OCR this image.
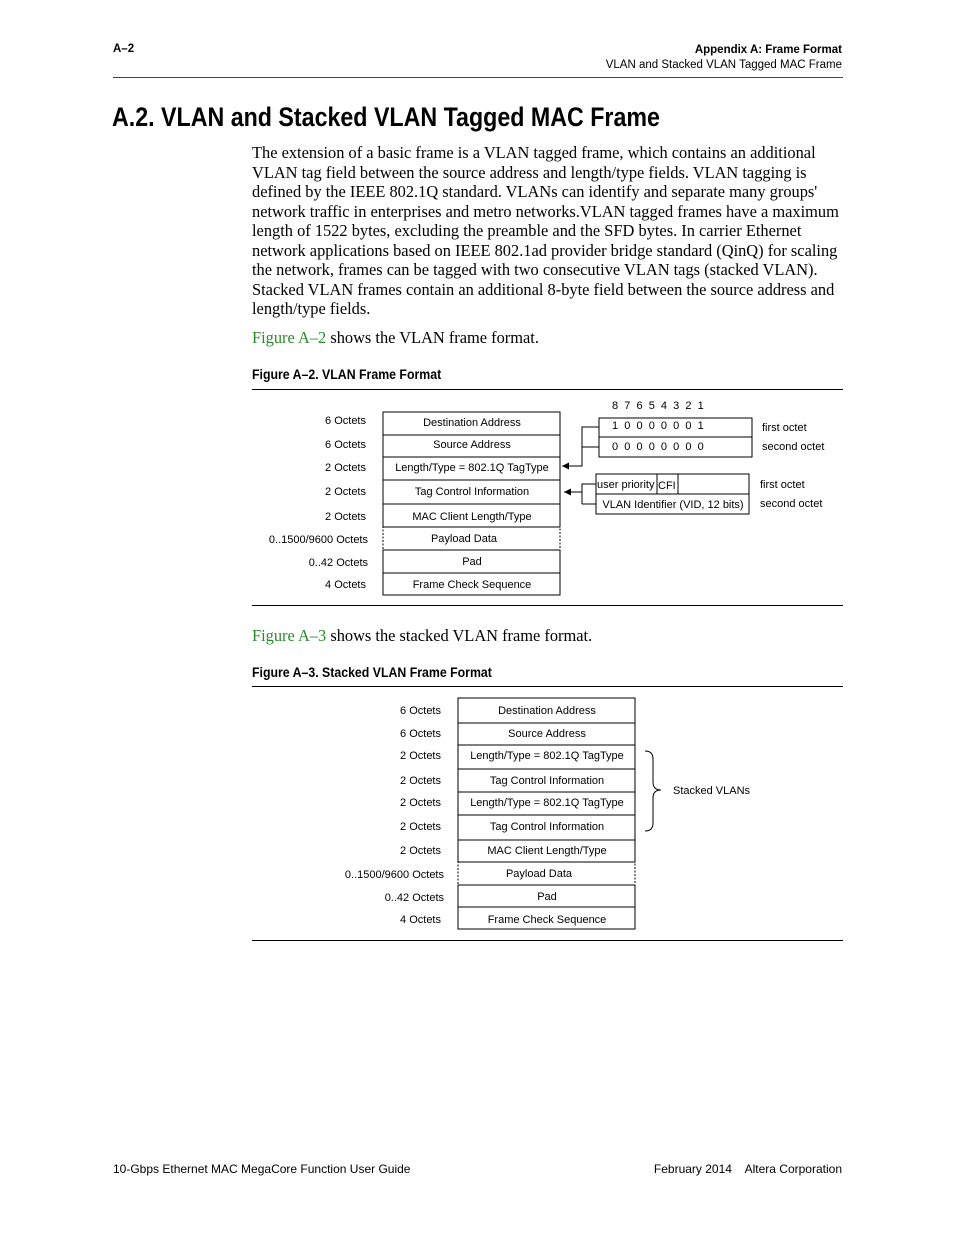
A–2	Appendix A: Frame Format
VLAN and Stacked VLAN Tagged MAC Frame
A.2. VLAN and Stacked VLAN Tagged MAC Frame
The extension of a basic frame is a VLAN tagged frame, which contains an additional VLAN tag field between the source address and length/type fields. VLAN tagging is defined by the IEEE 802.1Q standard. VLANs can identify and separate many groups' network traffic in enterprises and metro networks.VLAN tagged frames have a maximum length of 1522 bytes, excluding the preamble and the SFD bytes. In carrier Ethernet network applications based on IEEE 802.1ad provider bridge standard (QinQ) for scaling the network, frames can be tagged with two consecutive VLAN tags (stacked VLAN). Stacked VLAN frames contain an additional 8-byte field between the source address and length/type fields.
Figure A–2 shows the VLAN frame format.
Figure A–2. VLAN Frame Format
6 Octets
6 Octets
2 Octets
2 Octets
2 Octets
0..1500/9600 Octets
0..42 Octets
4 Octets
Destination Address
Source Address
Length/Type = 802.1Q TagType
Tag Control Information
MAC Client Length/Type
Payload Data
Pad
Frame Check Sequence
8  7  6  5  4  3  2  1
1  0  0  0  0  0  0  1
0  0  0  0  0  0  0  0
first octet
second octet
user priority CFI
VLAN Identifier (VID, 12 bits)
first octet
second octet
Figure A–3 shows the stacked VLAN frame format.
Figure A–3. Stacked VLAN Frame Format
6 Octets
6 Octets
2 Octets
2 Octets
2 Octets
2 Octets
2 Octets
0..1500/9600 Octets
0..42 Octets
4 Octets
Destination Address
Source Address
Length/Type = 802.1Q TagType
Tag Control Information
Length/Type = 802.1Q TagType
Tag Control Information
MAC Client Length/Type
Payload Data
Pad
Frame Check Sequence
Stacked VLANs
10-Gbps Ethernet MAC MegaCore Function User Guide	February 2014    Altera Corporation
